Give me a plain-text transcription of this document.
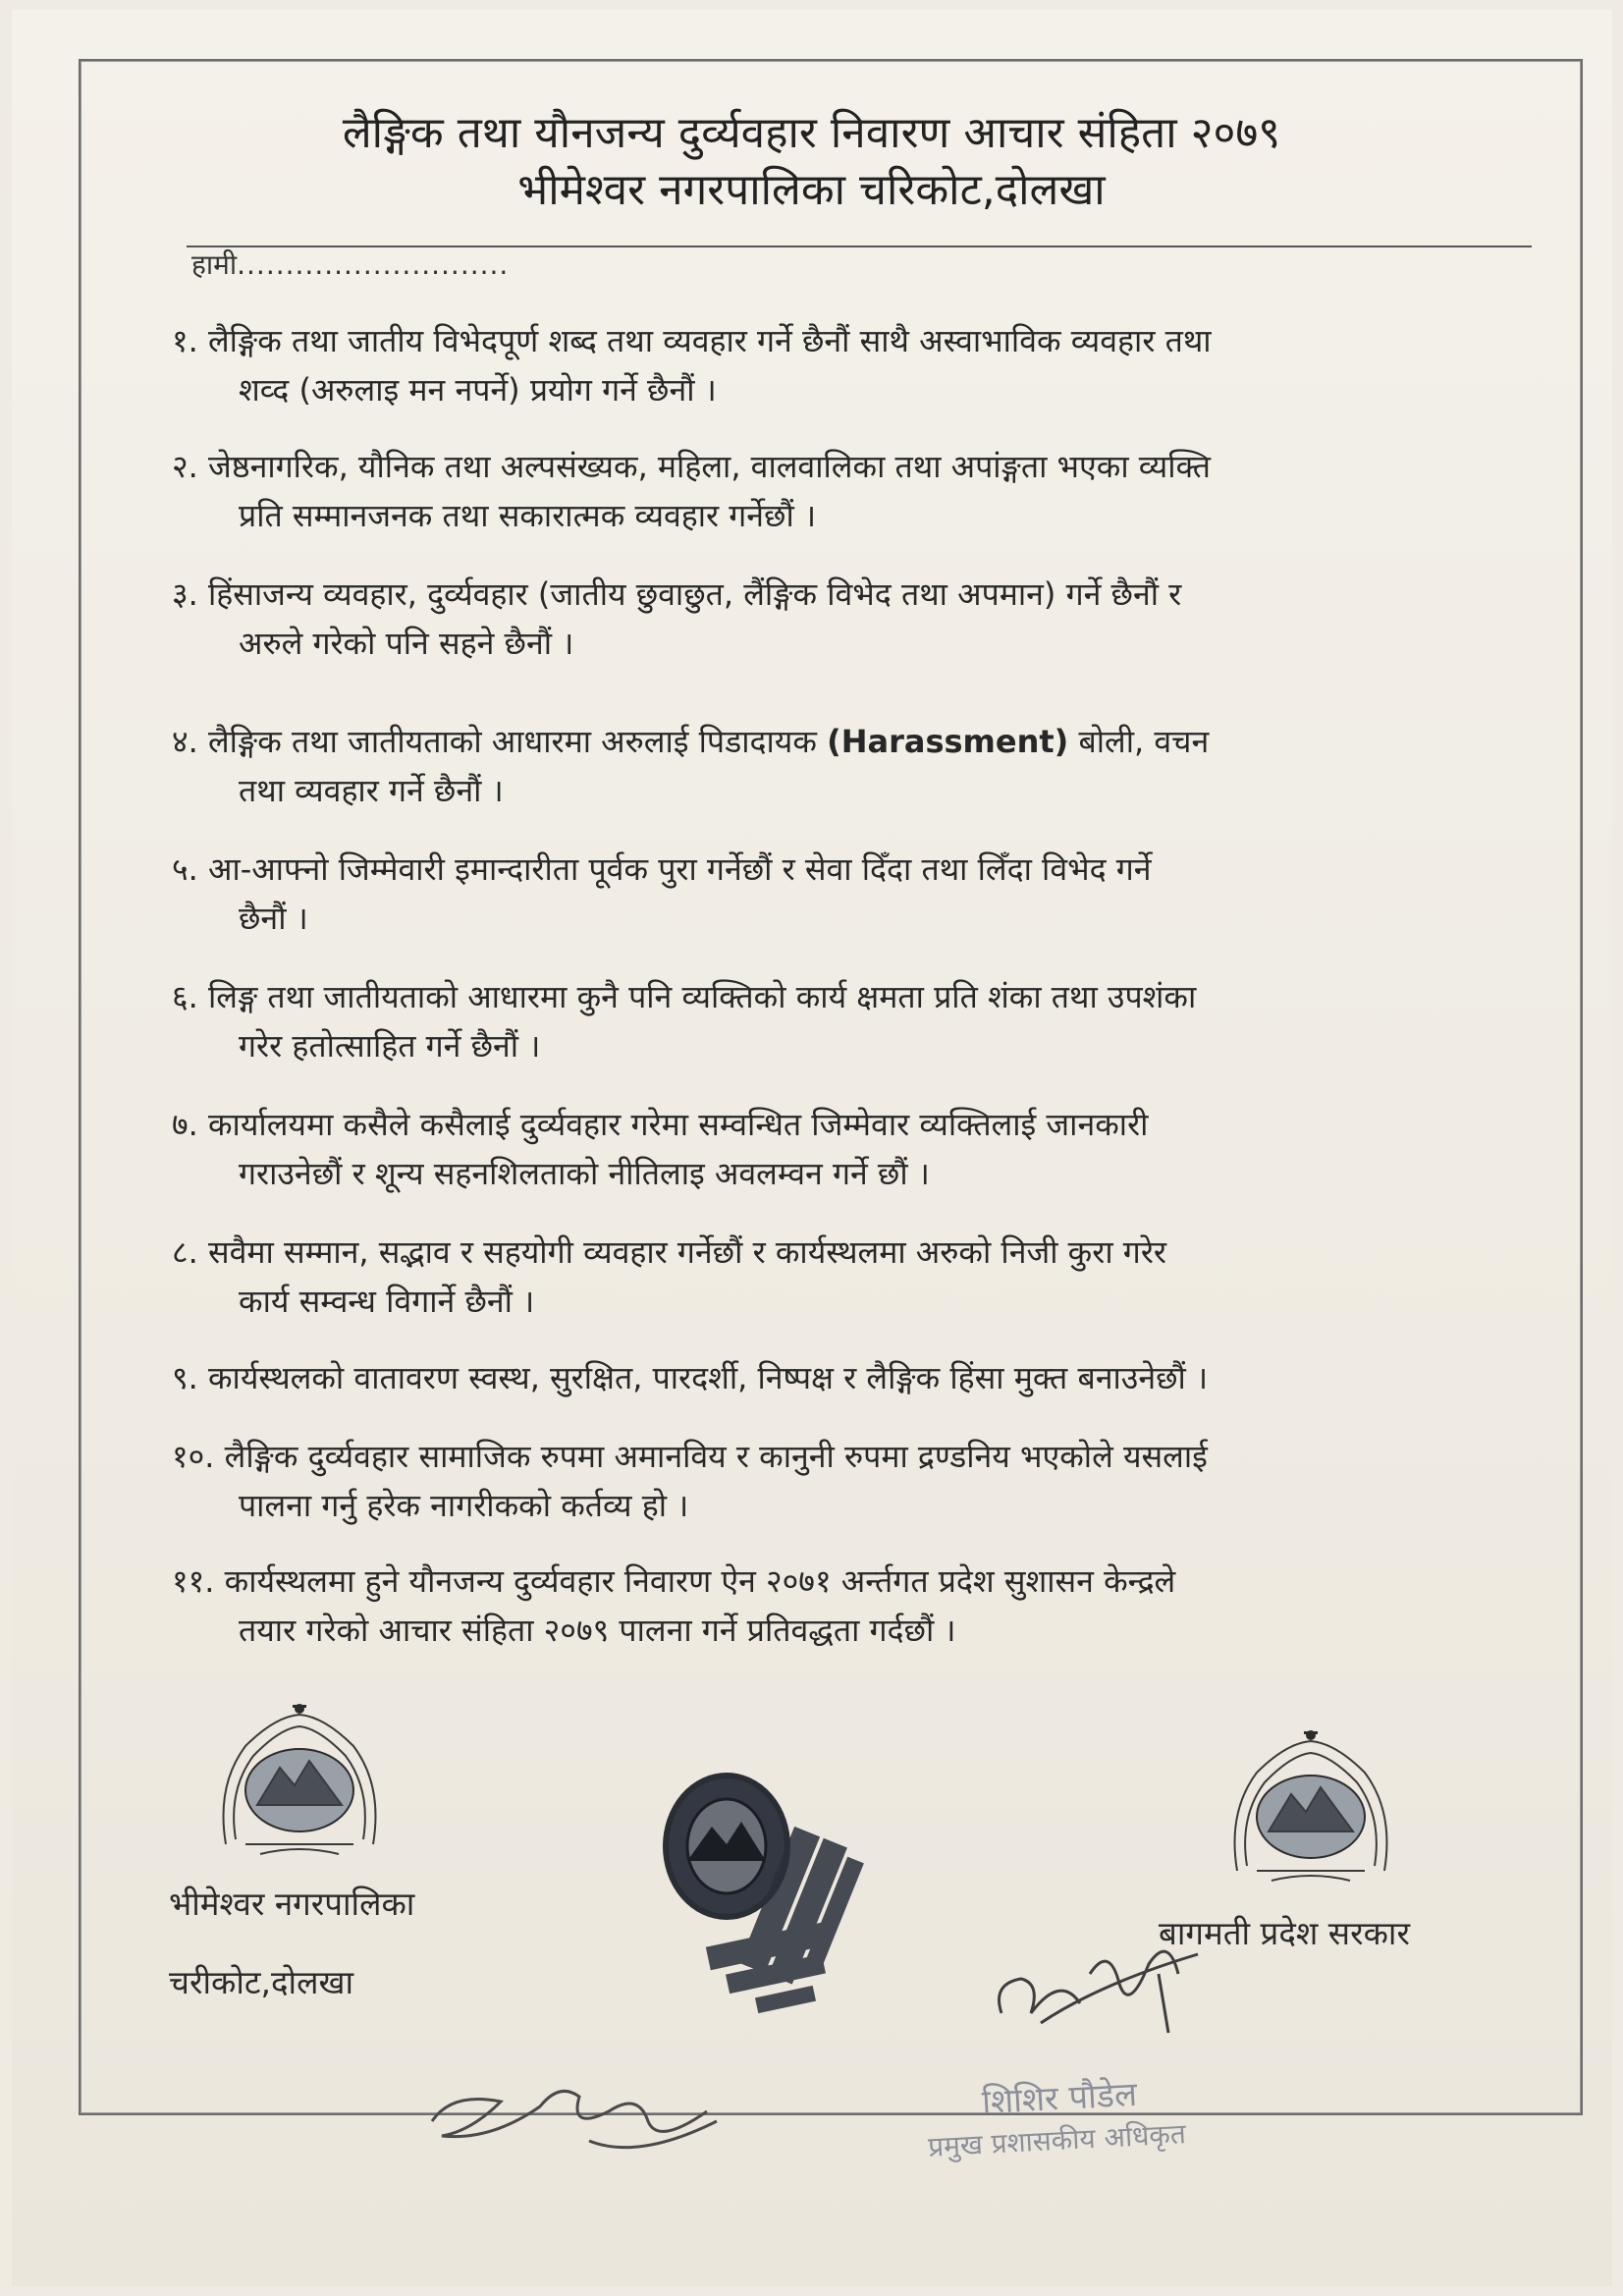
लैङ्गिक तथा यौनजन्य दुर्व्यवहार निवारण आचार संहिता २०७९
भीमेश्वर नगरपालिका चरिकोट,दोलखा
हामी............................
१. लैङ्गिक तथा जातीय विभेदपूर्ण शब्द तथा व्यवहार गर्ने छैनौं साथै अस्वाभाविक व्यवहार तथा
शव्द (अरुलाइ मन नपर्ने) प्रयोग गर्ने छैनौं ।
२. जेष्ठनागरिक, यौनिक तथा अल्पसंख्यक, महिला, वालवालिका तथा अपांङ्गता भएका व्यक्ति
प्रति सम्मानजनक तथा सकारात्मक व्यवहार गर्नेछौं ।
३. हिंसाजन्य व्यवहार, दुर्व्यवहार (जातीय छुवाछुत, लैंङ्गिक विभेद तथा अपमान) गर्ने छैनौं र
अरुले गरेको पनि सहने छैनौं ।
४. लैङ्गिक तथा जातीयताको आधारमा अरुलाई पिडादायक (Harassment) बोली, वचन
तथा व्यवहार गर्ने छैनौं ।
५. आ-आफ्नो जिम्मेवारी इमान्दारीता पूर्वक पुरा गर्नेछौं र सेवा दिँदा तथा लिँदा विभेद गर्ने
छैनौं ।
६. लिङ्ग तथा जातीयताको आधारमा कुनै पनि व्यक्तिको कार्य क्षमता प्रति शंका तथा उपशंका
गरेर हतोत्साहित गर्ने छैनौं ।
७. कार्यालयमा कसैले कसैलाई दुर्व्यवहार गरेमा सम्वन्धित जिम्मेवार व्यक्तिलाई जानकारी
गराउनेछौं र शून्य सहनशिलताको नीतिलाइ अवलम्वन गर्ने छौं ।
८. सवैमा सम्मान, सद्भाव र सहयोगी व्यवहार गर्नेछौं र कार्यस्थलमा अरुको निजी कुरा गरेर
कार्य सम्वन्ध विगार्ने छैनौं ।
९. कार्यस्थलको वातावरण स्वस्थ, सुरक्षित, पारदर्शी, निष्पक्ष र लैङ्गिक हिंसा मुक्त बनाउनेछौं ।
१०. लैङ्गिक दुर्व्यवहार सामाजिक रुपमा अमानविय र कानुनी रुपमा द्रण्डनिय भएकोले यसलाई
पालना गर्नु हरेक नागरीकको कर्तव्य हो ।
११. कार्यस्थलमा हुने यौनजन्य दुर्व्यवहार निवारण ऐन २०७१ अर्न्तगत प्रदेश सुशासन केन्द्रले
तयार गरेको आचार संहिता २०७९ पालना गर्ने प्रतिवद्धता गर्दछौं ।
भीमेश्वर नगरपालिका
चरीकोट,दोलखा
बागमती प्रदेश सरकार
शिशिर पौडेल
प्रमुख प्रशासकीय अधिकृत
